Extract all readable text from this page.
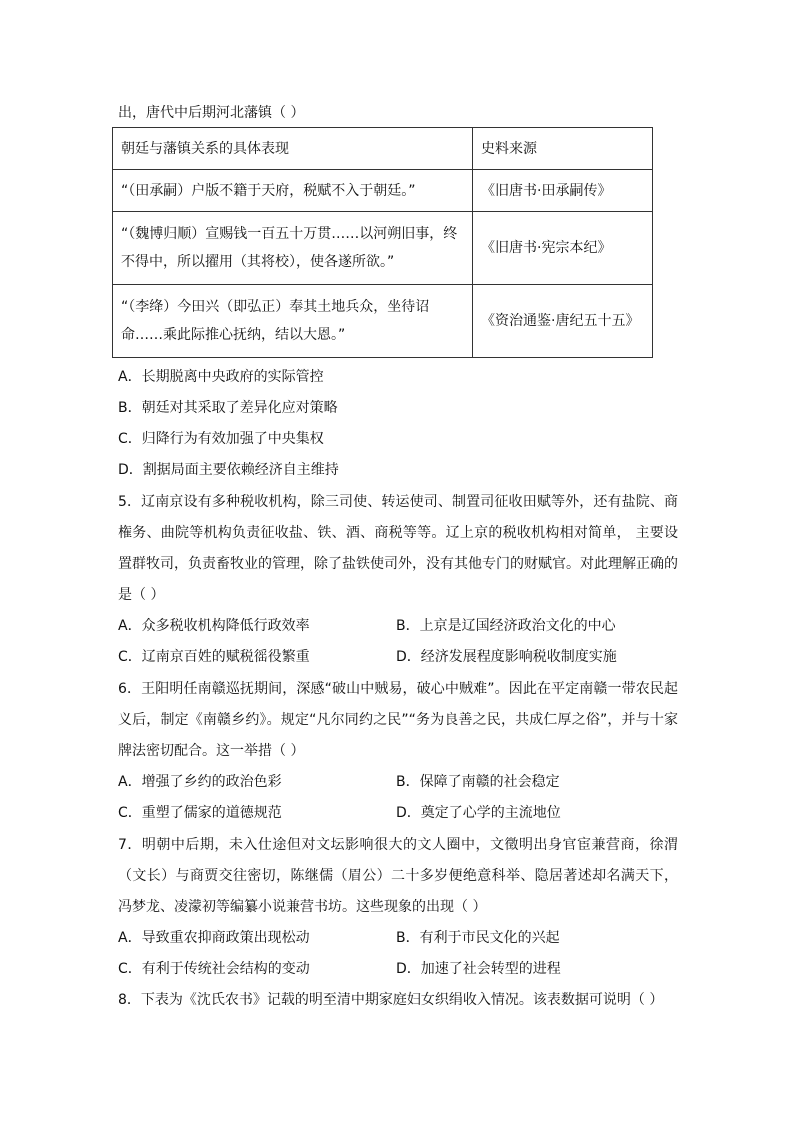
出，唐代中后期河北藩镇（ ）
朝廷与藩镇关系的具体表现	史料来源
“（田承嗣）户版不籍于天府，税赋不入于朝廷。”	《旧唐书·田承嗣传》
“（魏博归顺）宣赐钱一百五十万贯……以河朔旧事，终不得中，所以擢用（其将校），使各遂所欲。”	《旧唐书·宪宗本纪》
“（李绛）今田兴（即弘正）奉其土地兵众，坐待诏命……乘此际推心抚纳，结以大恩。”	《资治通鉴·唐纪五十五》
A．长期脱离中央政府的实际管控
B．朝廷对其采取了差异化应对策略
C．归降行为有效加强了中央集权
D．割据局面主要依赖经济自主维持
5．辽南京设有多种税收机构，除三司使、转运使司、制置司征收田赋等外，还有盐院、商権务、曲院等机构负责征收盐、铁、酒、商税等等。辽上京的税收机构相对简单， 主要设置群牧司，负责畜牧业的管理，除了盐铁使司外，没有其他专门的财赋官。对此理解正确的是（ ）
A．众多税收机构降低行政效率	B．上京是辽国经济政治文化的中心
C．辽南京百姓的赋税徭役繁重	D．经济发展程度影响税收制度实施
6．王阳明任南赣巡抚期间，深感“破山中贼易，破心中贼难”。因此在平定南赣一带农民起义后，制定《南赣乡约》。规定“凡尔同约之民”“务为良善之民，共成仁厚之俗”，并与十家牌法密切配合。这一举措（ ）
A．增强了乡约的政治色彩	B．保障了南赣的社会稳定
C．重塑了儒家的道德规范	D．奠定了心学的主流地位
7．明朝中后期，未入仕途但对文坛影响很大的文人圈中，文徵明出身官宦兼营商，徐渭（文长）与商贾交往密切，陈继儒（眉公）二十多岁便绝意科举、隐居著述却名满天下， 冯梦龙、凌濛初等编纂小说兼营书坊。这些现象的出现（ ）
A．导致重农抑商政策出现松动	B．有利于市民文化的兴起
C．有利于传统社会结构的变动	D．加速了社会转型的进程
8．下表为《沈氏农书》记载的明至清中期家庭妇女织绢收入情况。该表数据可说明（ ）
